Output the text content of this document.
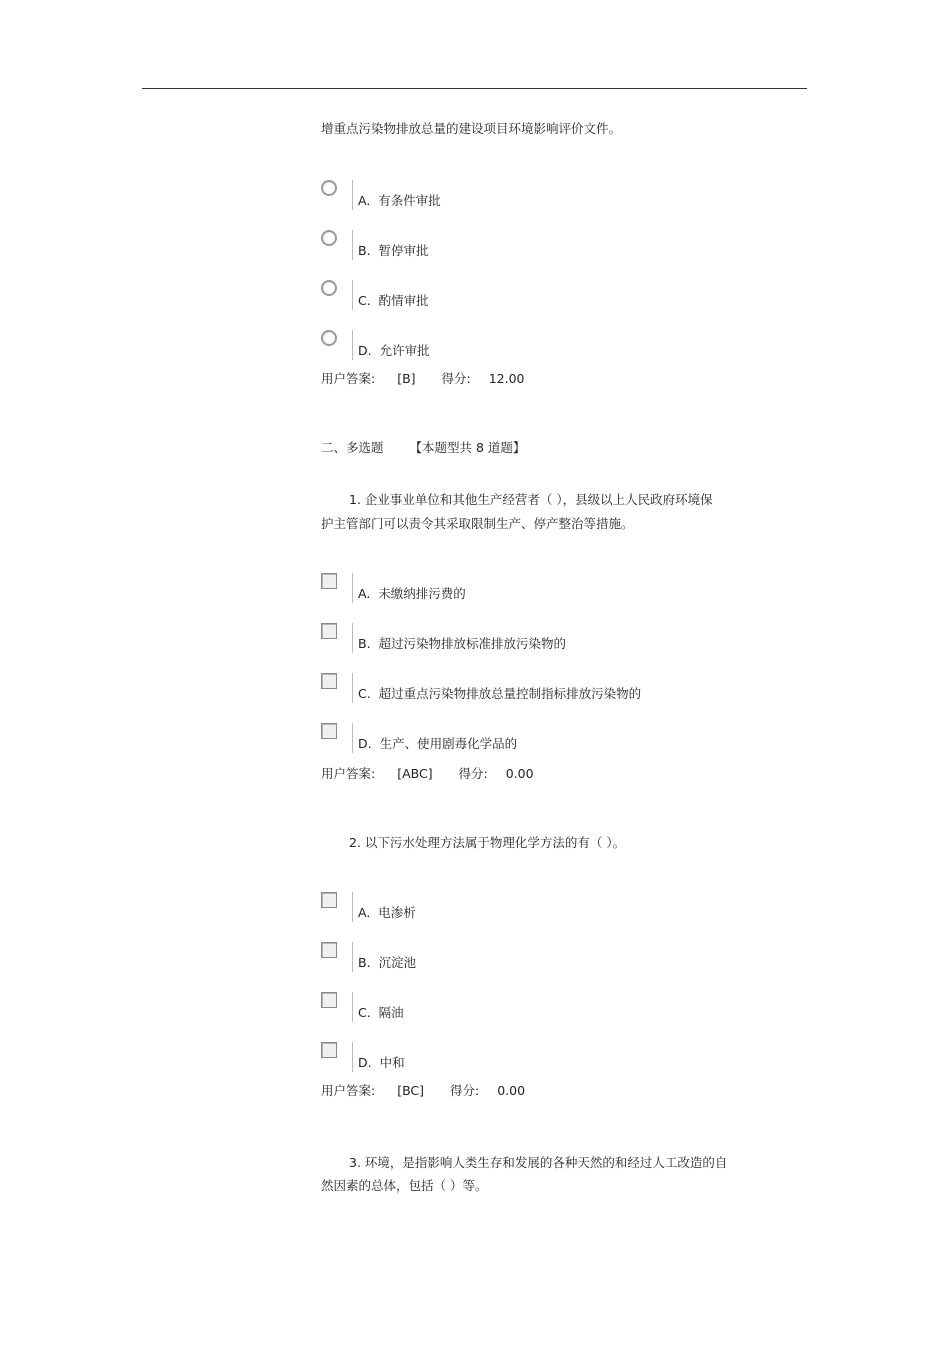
增重点污染物排放总量的建设项目环境影响评价文件。
A. 有条件审批
B. 暂停审批
C. 酌情审批
D. 允许审批
用户答案: [B] 得分: 12.00
二、多选题 【本题型共 8 道题】
1. 企业事业单位和其他生产经营者（ ），县级以上人民政府环境保
护主管部门可以责令其采取限制生产、停产整治等措施。
A. 未缴纳排污费的
B. 超过污染物排放标准排放污染物的
C. 超过重点污染物排放总量控制指标排放污染物的
D. 生产、使用剧毒化学品的
用户答案: [ABC] 得分: 0.00
2. 以下污水处理方法属于物理化学方法的有（ ）。
A. 电渗析
B. 沉淀池
C. 隔油
D. 中和
用户答案: [BC] 得分: 0.00
3. 环境，是指影响人类生存和发展的各种天然的和经过人工改造的自
然因素的总体，包括（ ）等。
